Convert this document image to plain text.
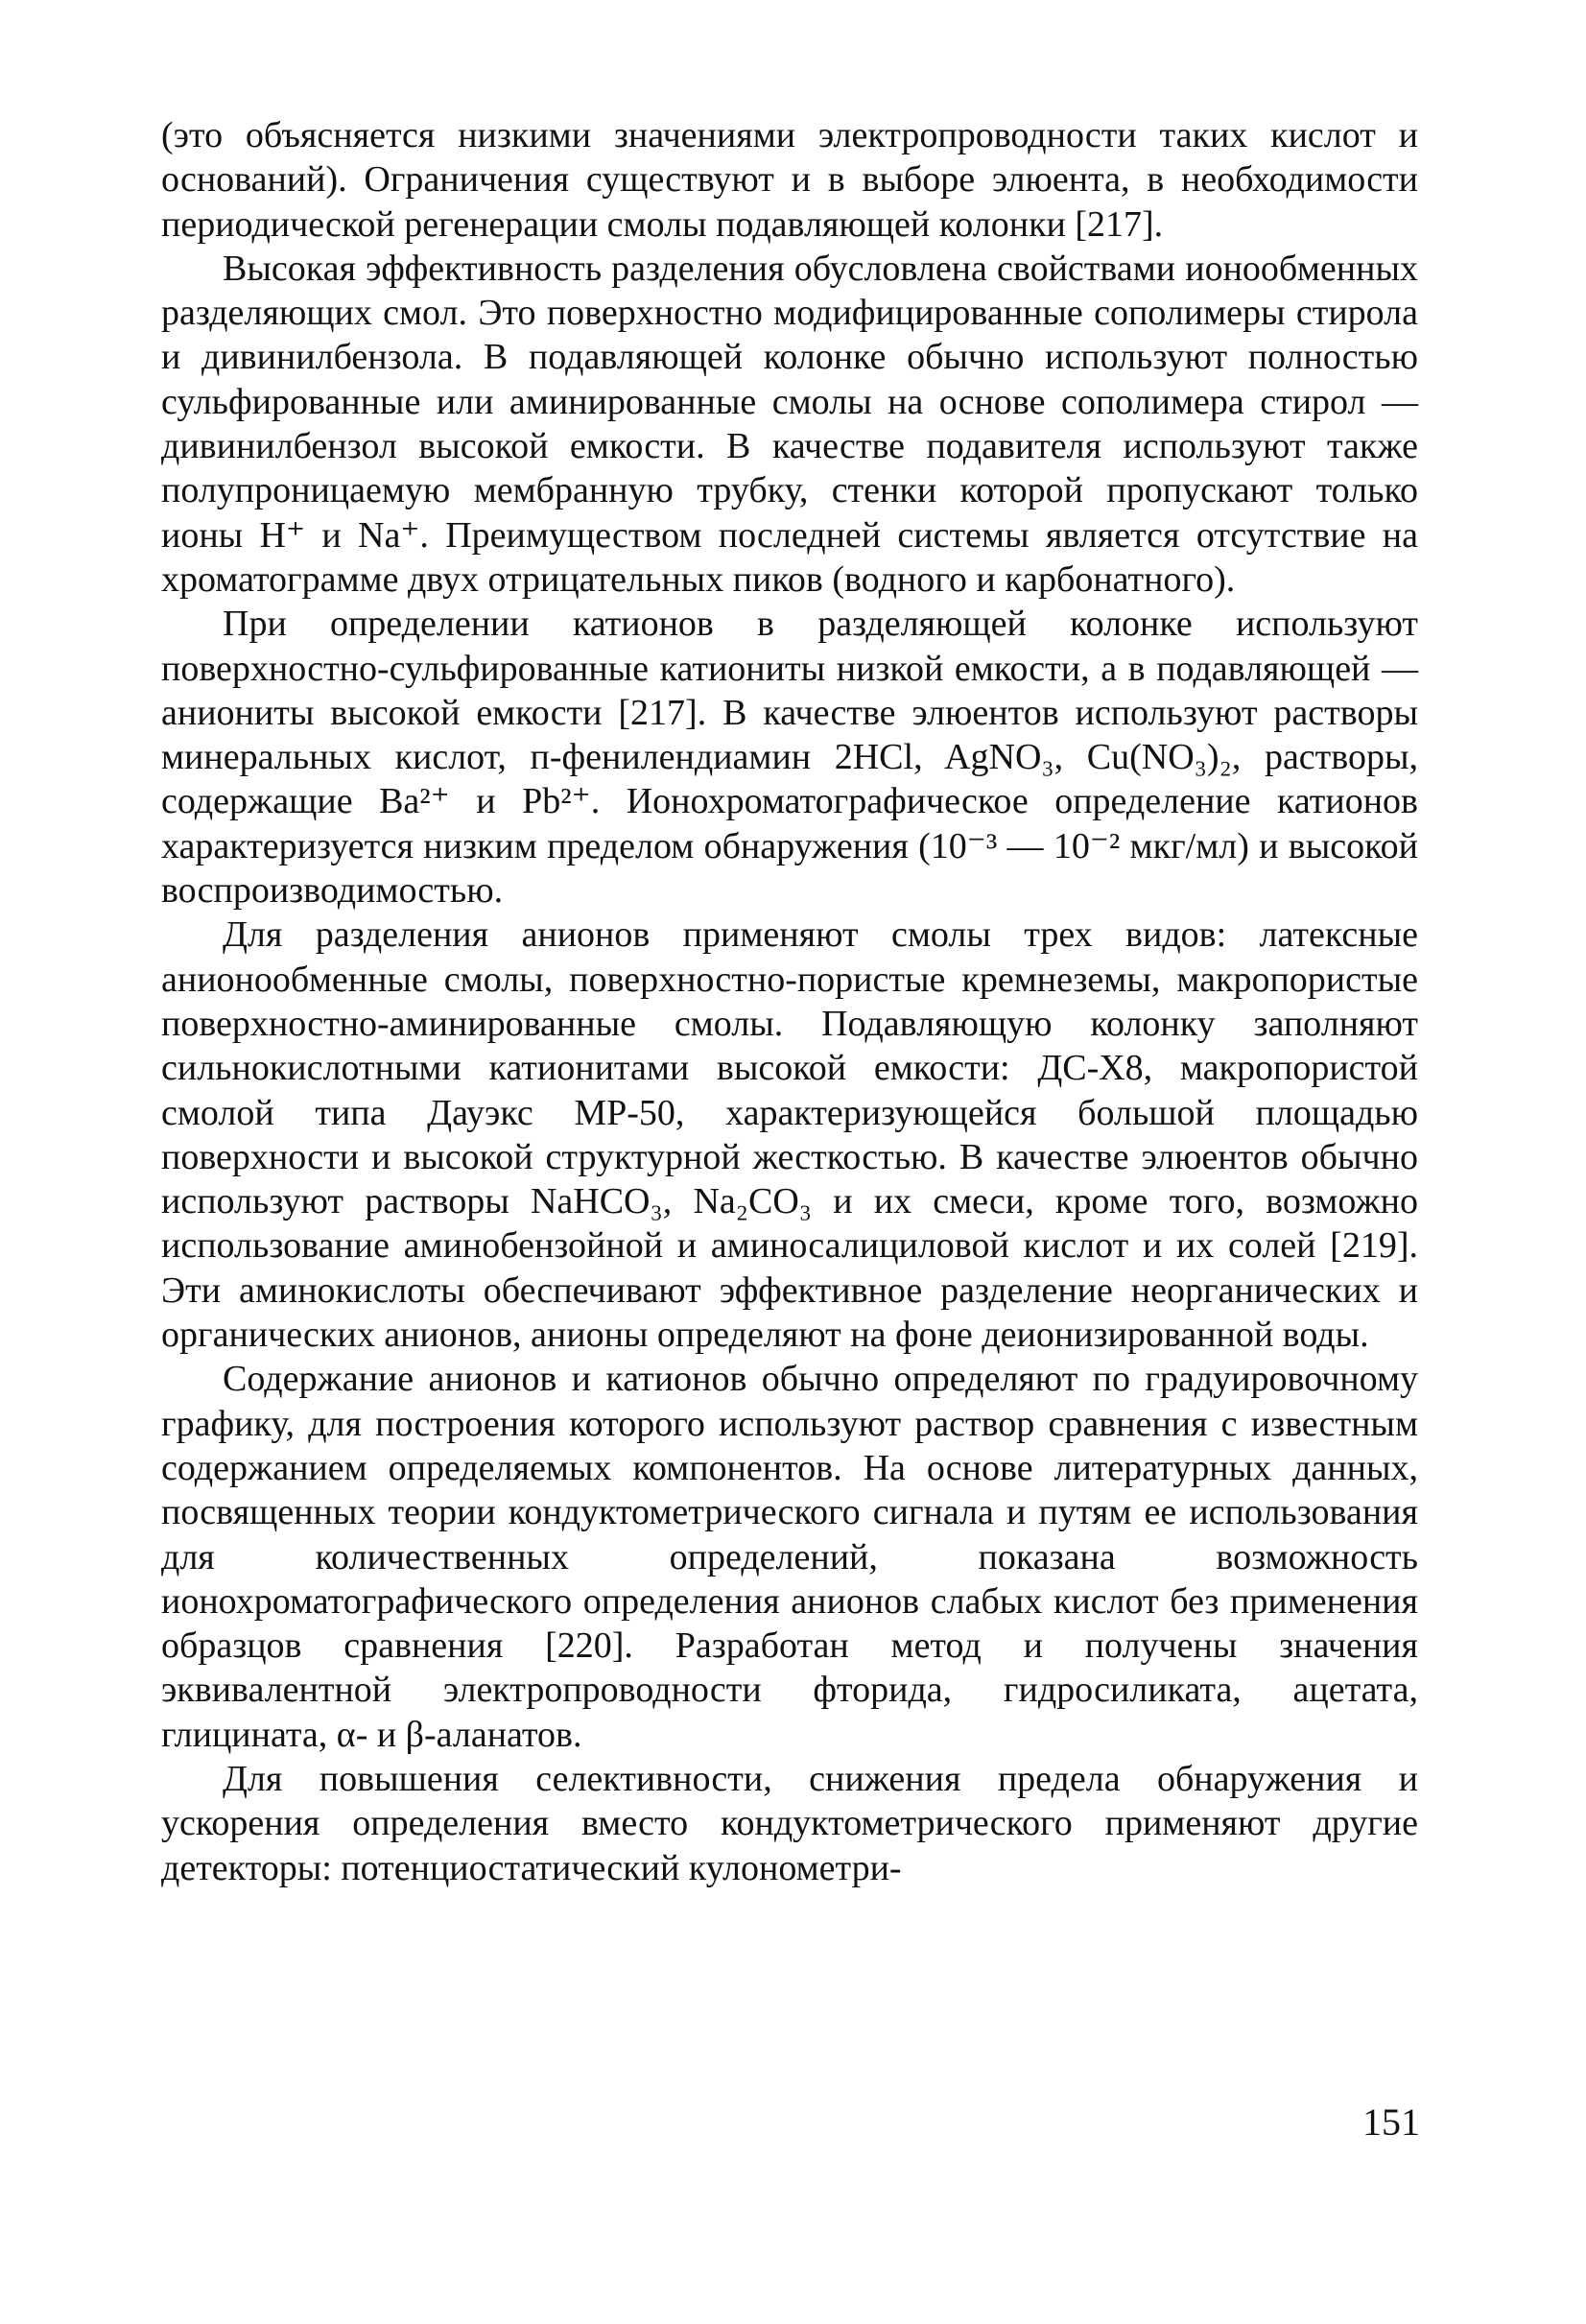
(это объясняется низкими значениями электропроводности таких кислот и оснований). Ограничения существуют и в выборе элюента, в необходимости периодической регенерации смолы подавляющей колонки [217].

Высокая эффективность разделения обусловлена свойствами ионообменных разделяющих смол. Это поверхностно модифицированные сополимеры стирола и дивинилбензола. В подавляющей колонке обычно используют полностью сульфированные или аминированные смолы на основе сополимера стирол — дивинилбензол высокой емкости. В качестве подавителя используют также полупроницаемую мембранную трубку, стенки которой пропускают только ионы H⁺ и Na⁺. Преимуществом последней системы является отсутствие на хроматограмме двух отрицательных пиков (водного и карбонатного).

При определении катионов в разделяющей колонке используют поверхностно-сульфированные катиониты низкой емкости, а в подавляющей — аниониты высокой емкости [217]. В качестве элюентов используют растворы минеральных кислот, п-фенилендиамин 2HCl, AgNO₃, Cu(NO₃)₂, растворы, содержащие Ba²⁺ и Pb²⁺. Ионохроматографическое определение катионов характеризуется низким пределом обнаружения (10⁻³ — 10⁻² мкг/мл) и высокой воспроизводимостью.

Для разделения анионов применяют смолы трех видов: латексные анионообменные смолы, поверхностно-пористые кремнеземы, макропористые поверхностно-аминированные смолы. Подавляющую колонку заполняют сильнокислотными катионитами высокой емкости: ДС-Х8, макропористой смолой типа Дауэкс МР-50, характеризующейся большой площадью поверхности и высокой структурной жесткостью. В качестве элюентов обычно используют растворы NaHCO₃, Na₂CO₃ и их смеси, кроме того, возможно использование аминобензойной и аминосалициловой кислот и их солей [219]. Эти аминокислоты обеспечивают эффективное разделение неорганических и органических анионов, анионы определяют на фоне деионизированной воды.

Содержание анионов и катионов обычно определяют по градуировочному графику, для построения которого используют раствор сравнения с известным содержанием определяемых компонентов. На основе литературных данных, посвященных теории кондуктометрического сигнала и путям ее использования для количественных определений, показана возможность ионохроматографического определения анионов слабых кислот без применения образцов сравнения [220]. Разработан метод и получены значения эквивалентной электропроводности фторида, гидросиликата, ацетата, глицината, α- и β-аланатов.

Для повышения селективности, снижения предела обнаружения и ускорения определения вместо кондуктометрического применяют другие детекторы: потенциостатический кулонометри-

151
